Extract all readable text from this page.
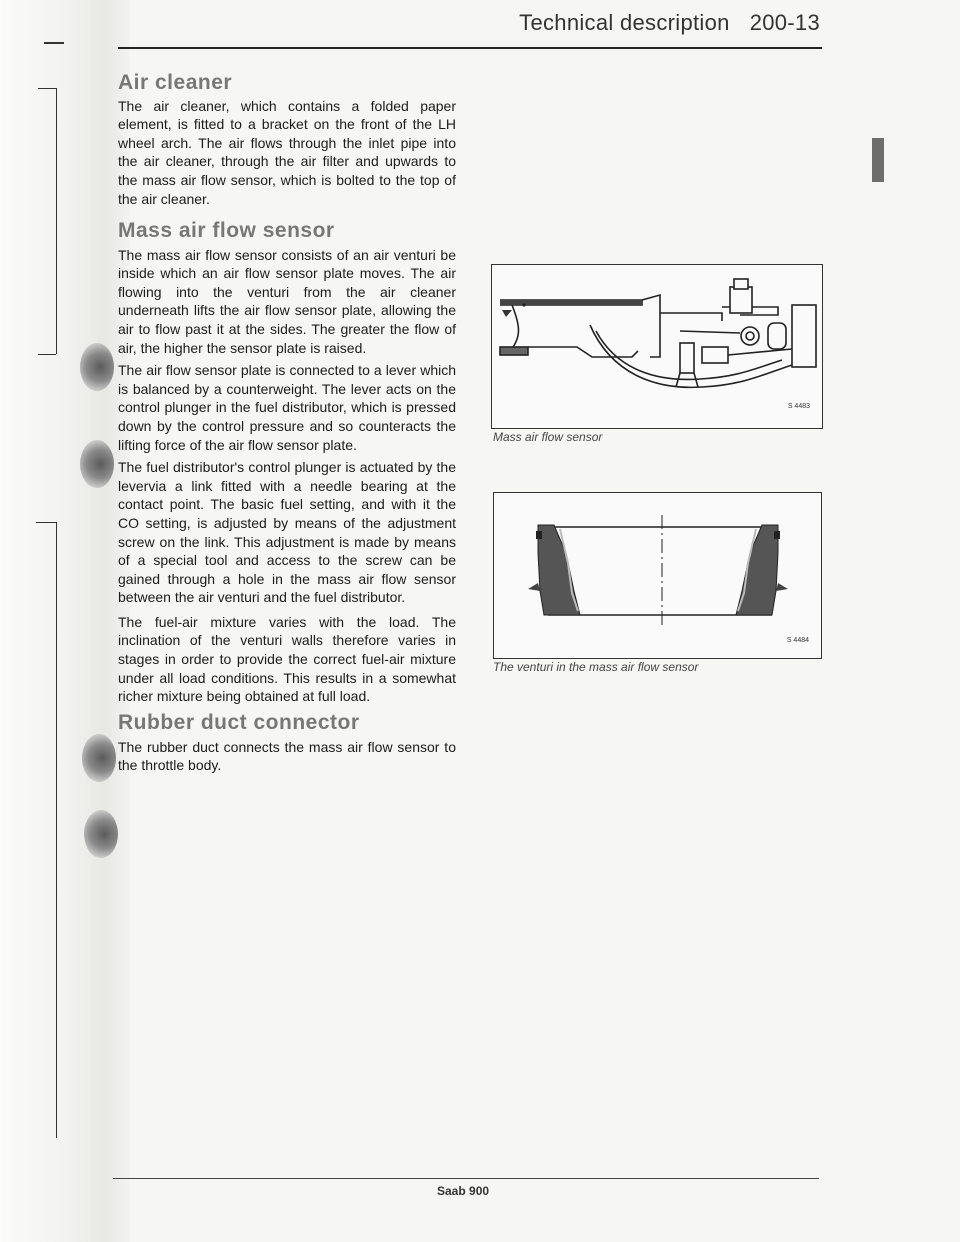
Technical description 200-13
Air cleaner

The air cleaner, which contains a folded paper element, is fitted to a bracket on the front of the LH wheel arch. The air flows through the inlet pipe into the air cleaner, through the air filter and upwards to the mass air flow sensor, which is bolted to the top of the air cleaner.

Mass air flow sensor

The mass air flow sensor consists of an air venturi be inside which an air flow sensor plate moves. The air flowing into the venturi from the air cleaner underneath lifts the air flow sensor plate, allowing the air to flow past it at the sides. The greater the flow of air, the higher the sensor plate is raised.

The air flow sensor plate is connected to a lever which is balanced by a counterweight. The lever acts on the control plunger in the fuel distributor, which is pressed down by the control pressure and so counteracts the lifting force of the air flow sensor plate.

The fuel distributor's control plunger is actuated by the levervia a link fitted with a needle bearing at the contact point. The basic fuel setting, and with it the CO setting, is adjusted by means of the adjustment screw on the link. This adjustment is made by means of a special tool and access to the screw can be gained through a hole in the mass air flow sensor between the air venturi and the fuel distributor.

The fuel-air mixture varies with the load. The inclination of the venturi walls therefore varies in stages in order to provide the correct fuel-air mixture under all load conditions. This results in a somewhat richer mixture being obtained at full load.

Rubber duct connector

The rubber duct connects the mass air flow sensor to the throttle body.

S 4483
Mass air flow sensor
S 4484
The venturi in the mass air flow sensor
Saab 900
